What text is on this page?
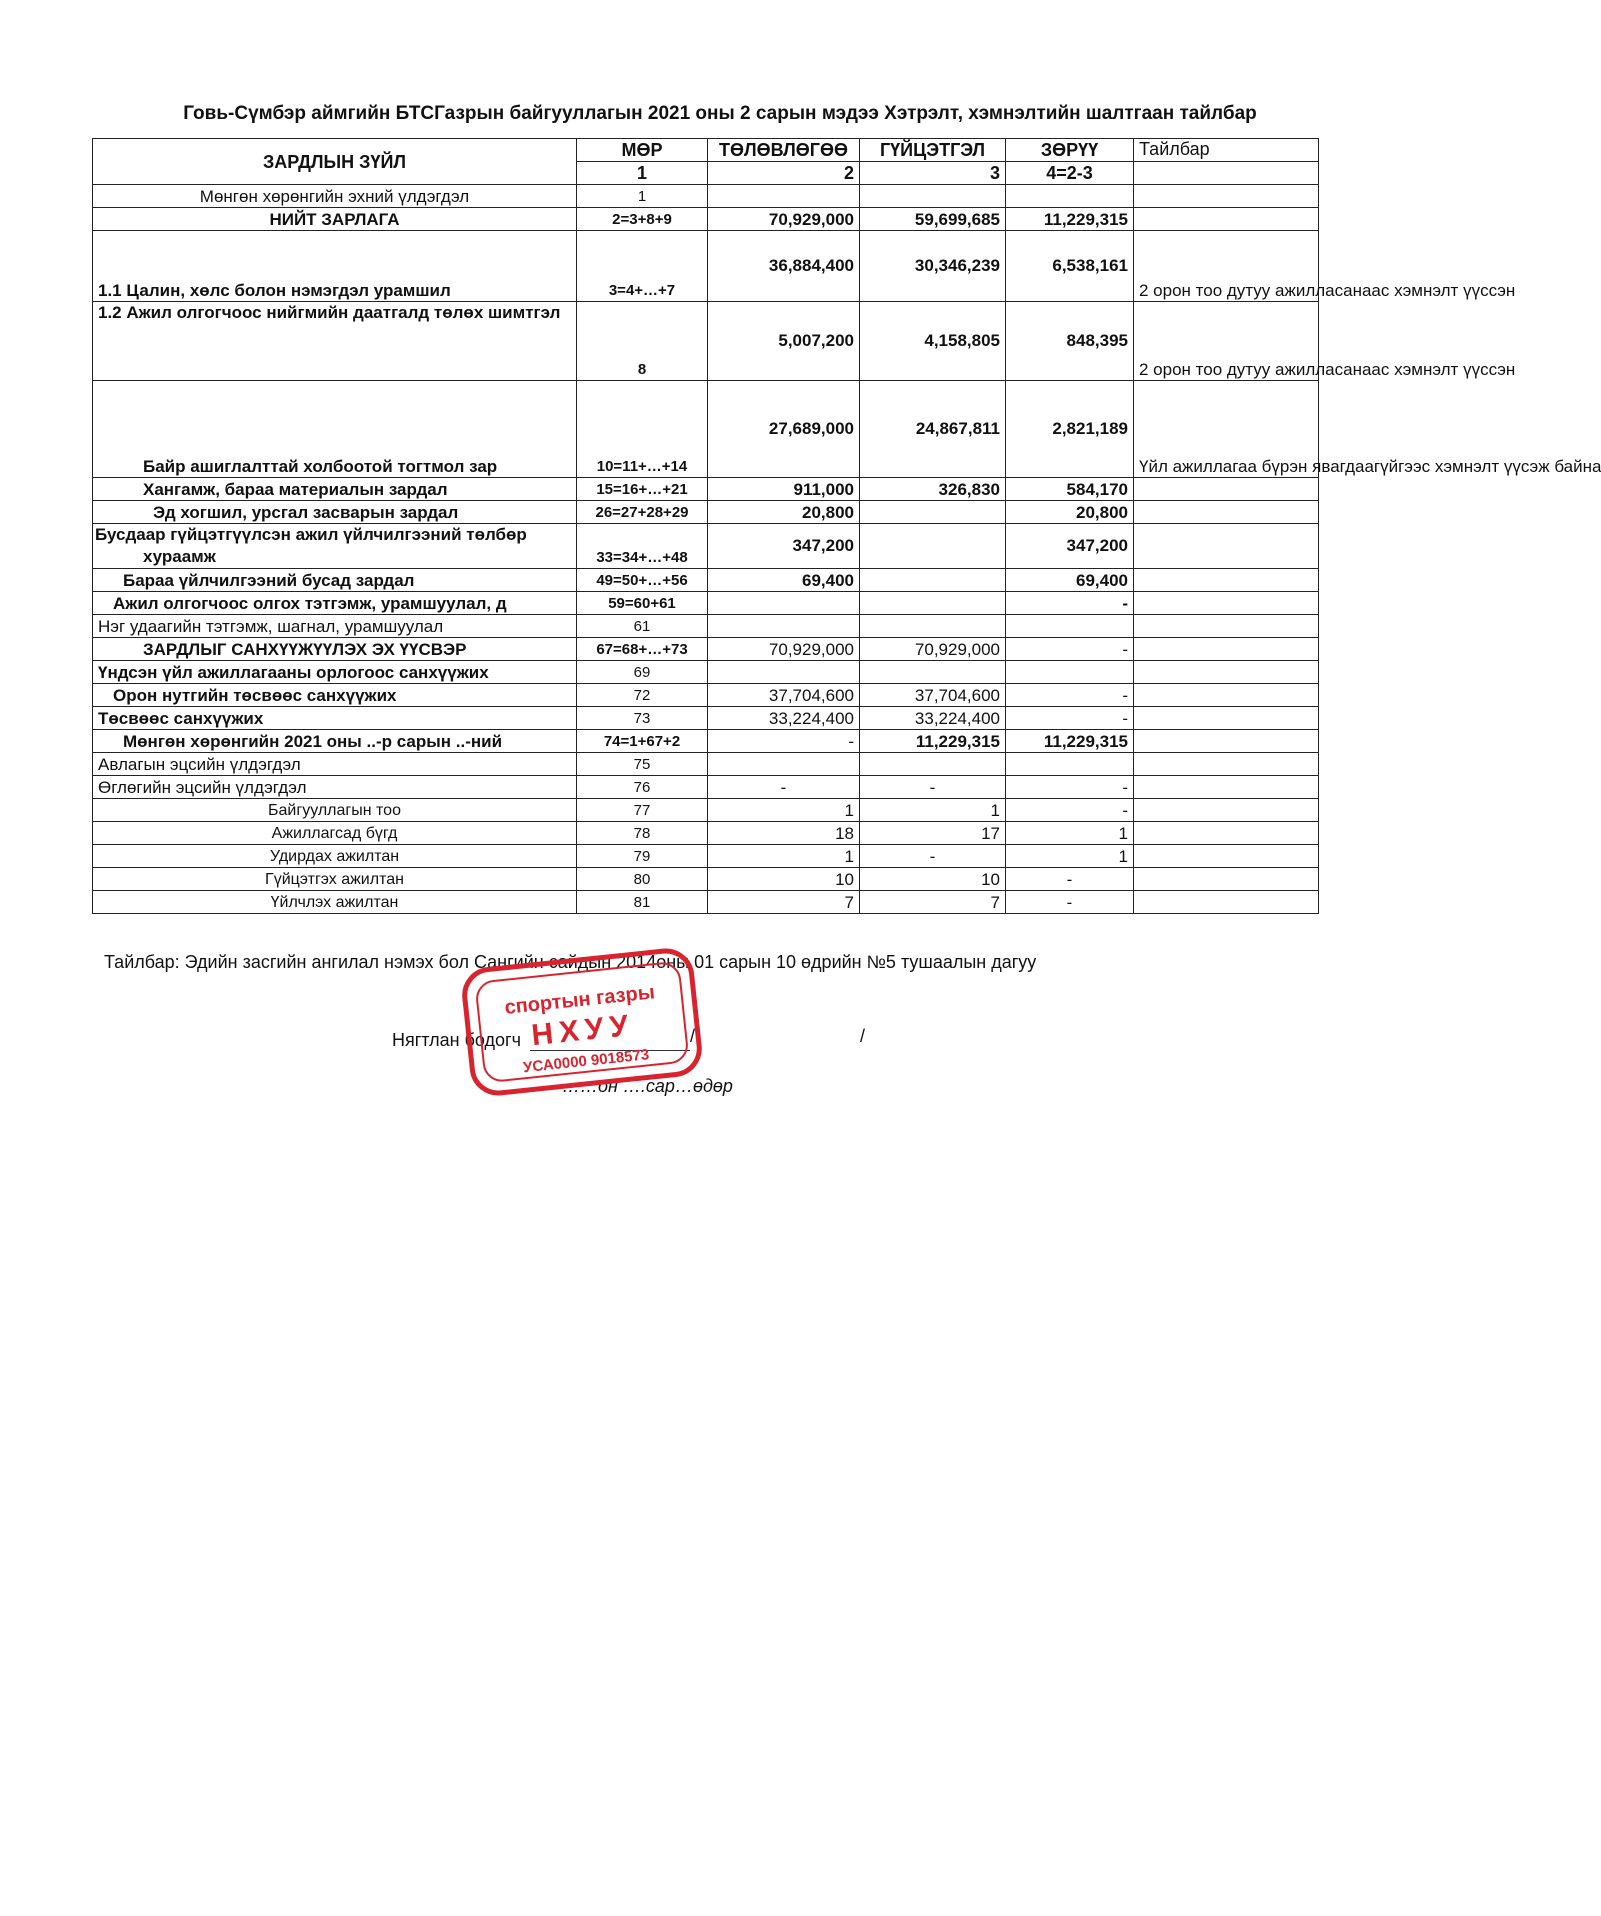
Говь-Сүмбэр аймгийн БТСГазрын байгууллагын 2021 оны 2 сарын мэдээ Хэтрэлт, хэмнэлтийн шалтгаан тайлбар
ЗАРДЛЫН ЗҮЙЛ	МӨР	ТӨЛӨВЛӨГӨӨ	ГҮЙЦЭТГЭЛ	ЗӨРҮҮ	Тайлбар
	1	2	3	4=2-3	
Мөнгөн хөрөнгийн эхний үлдэгдэл	1				
НИЙТ ЗАРЛАГА	2=3+8+9	70,929,000	59,699,685	11,229,315	
1.1 Цалин, хөлс болон нэмэгдэл урамшил	3=4+…+7	36,884,400	30,346,239	6,538,161	2 орон тоо дутуу ажилласанаас хэмнэлт үүссэн
1.2 Ажил олгогчоос нийгмийн даатгалд төлөх шимтгэл	8	5,007,200	4,158,805	848,395	2 орон тоо дутуу ажилласанаас хэмнэлт үүссэн
Байр ашиглалттай холбоотой тогтмол зар	10=11+…+14	27,689,000	24,867,811	2,821,189	Үйл ажиллагаа бүрэн явагдаагүйгээс хэмнэлт үүсэж байна
Хангамж, бараа материалын зардал	15=16+…+21	911,000	326,830	584,170	
Эд хогшил, урсгал засварын зардал	26=27+28+29	20,800		20,800	
Бусдаар гүйцэтгүүлсэн ажил үйлчилгээний төлбөр хураамж	33=34+…+48	347,200		347,200	
Бараа үйлчилгээний бусад зардал	49=50+…+56	69,400		69,400	
Ажил олгогчоос олгох тэтгэмж, урамшуулал, д	59=60+61			-	
Нэг удаагийн тэтгэмж, шагнал, урамшуулал	61				
ЗАРДЛЫГ САНХҮҮЖҮҮЛЭХ ЭХ ҮҮСВЭР	67=68+…+73	70,929,000	70,929,000	-	
Үндсэн үйл ажиллагааны орлогоос санхүүжих	69				
Орон нутгийн төсвөөс санхүүжих	72	37,704,600	37,704,600	-	
Төсвөөс санхүүжих	73	33,224,400	33,224,400	-	
Мөнгөн хөрөнгийн 2021 оны ..-р сарын ..-ний	74=1+67+2	-	11,229,315	11,229,315	
Авлагын эцсийн үлдэгдэл	75				
Өглөгийн эцсийн үлдэгдэл	76	-	-	-	
Байгууллагын тоо	77	1	1	-	
Ажиллагсад бүгд	78	18	17	1	
Удирдах ажилтан	79	1	-	1	
Гүйцэтгэх ажилтан	80	10	10	-	
Үйлчлэх ажилтан	81	7	7	-	
Тайлбар: Эдийн засгийн ангилал нэмэх бол Сангийн сайдын 2014оны 01 сарын 10 өдрийн №5 тушаалын дагуу
Нягтлан бодогч	/	/
……он ….сар…өдөр
спортын газры
НХУУ
УСА0000 9018573
